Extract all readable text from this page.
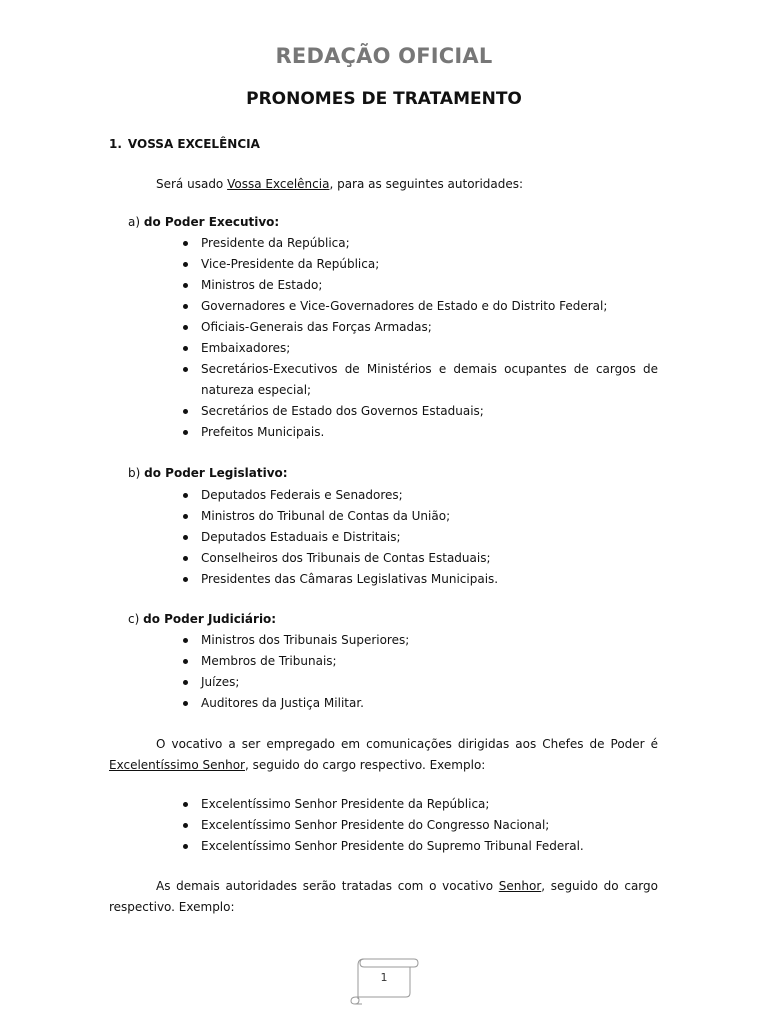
REDAÇÃO OFICIAL
PRONOMES DE TRATAMENTO
1. VOSSA EXCELÊNCIA
Será usado Vossa Excelência, para as seguintes autoridades:
a) do Poder Executivo:
Presidente da República;
Vice-Presidente da República;
Ministros de Estado;
Governadores e Vice-Governadores de Estado e do Distrito Federal;
Oficiais-Generais das Forças Armadas;
Embaixadores;
Secretários-Executivos de Ministérios e demais ocupantes de cargos de natureza especial;
Secretários de Estado dos Governos Estaduais;
Prefeitos Municipais.
b) do Poder Legislativo:
Deputados Federais e Senadores;
Ministros do Tribunal de Contas da União;
Deputados Estaduais e Distritais;
Conselheiros dos Tribunais de Contas Estaduais;
Presidentes das Câmaras Legislativas Municipais.
c) do Poder Judiciário:
Ministros dos Tribunais Superiores;
Membros de Tribunais;
Juízes;
Auditores da Justiça Militar.
O vocativo a ser empregado em comunicações dirigidas aos Chefes de Poder é Excelentíssimo Senhor, seguido do cargo respectivo. Exemplo:
Excelentíssimo Senhor Presidente da República;
Excelentíssimo Senhor Presidente do Congresso Nacional;
Excelentíssimo Senhor Presidente do Supremo Tribunal Federal.
As demais autoridades serão tratadas com o vocativo Senhor, seguido do cargo respectivo. Exemplo:
1
